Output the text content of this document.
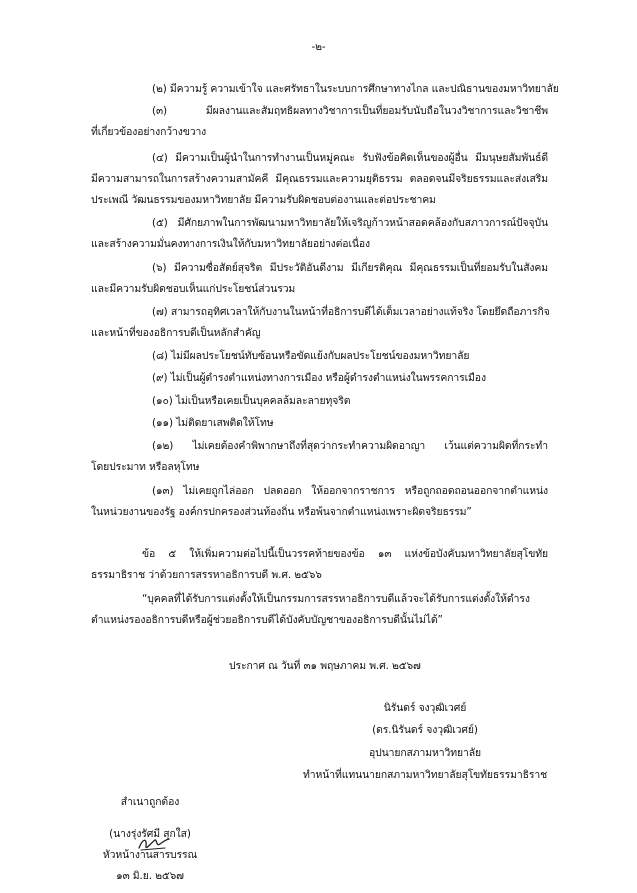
-๒-
(๒) มีความรู้ ความเข้าใจ และศรัทธาในระบบการศึกษาทางไกล และปณิธานของมหาวิทยาลัย
(๓)	มีผลงานและสัมฤทธิผลทางวิชาการเป็นที่ยอมรับนับถือในวงวิชาการและวิชาชีพ
ที่เกี่ยวข้องอย่างกว้างขวาง
(๔) มีความเป็นผู้นำในการทำงานเป็นหมู่คณะ รับฟังข้อคิดเห็นของผู้อื่น มีมนุษยสัมพันธ์ดี
มีความสามารถในการสร้างความสามัคคี มีคุณธรรมและความยุติธรรม ตลอดจนมีจริยธรรมและส่งเสริม
ประเพณี วัฒนธรรมของมหาวิทยาลัย มีความรับผิดชอบต่องานและต่อประชาคม
(๕) มีศักยภาพในการพัฒนามหาวิทยาลัยให้เจริญก้าวหน้าสอดคล้องกับสภาวการณ์ปัจจุบัน
และสร้างความมั่นคงทางการเงินให้กับมหาวิทยาลัยอย่างต่อเนื่อง
(๖) มีความซื่อสัตย์สุจริต มีประวัติอันดีงาม มีเกียรติคุณ มีคุณธรรมเป็นที่ยอมรับในสังคม
และมีความรับผิดชอบเห็นแก่ประโยชน์ส่วนรวม
(๗) สามารถอุทิศเวลาให้กับงานในหน้าที่อธิการบดีได้เต็มเวลาอย่างแท้จริง โดยยึดถือภารกิจ
และหน้าที่ของอธิการบดีเป็นหลักสำคัญ
(๘) ไม่มีผลประโยชน์ทับซ้อนหรือขัดแย้งกับผลประโยชน์ของมหาวิทยาลัย
(๙) ไม่เป็นผู้ดำรงตำแหน่งทางการเมือง หรือผู้ดำรงตำแหน่งในพรรคการเมือง
(๑๐) ไม่เป็นหรือเคยเป็นบุคคลล้มละลายทุจริต
(๑๑) ไม่ติดยาเสพติดให้โทษ
(๑๒) ไม่เคยต้องคำพิพากษาถึงที่สุดว่ากระทำความผิดอาญา เว้นแต่ความผิดที่กระทำ
โดยประมาท หรือลหุโทษ
(๑๓) ไม่เคยถูกไล่ออก ปลดออก ให้ออกจากราชการ หรือถูกถอดถอนออกจากตำแหน่ง
ในหน่วยงานของรัฐ องค์กรปกครองส่วนท้องถิ่น หรือพ้นจากตำแหน่งเพราะผิดจริยธรรม”
ข้อ ๕ ให้เพิ่มความต่อไปนี้เป็นวรรคท้ายของข้อ ๑๓ แห่งข้อบังคับมหาวิทยาลัยสุโขทัย
ธรรมาธิราช ว่าด้วยการสรรหาอธิการบดี พ.ศ. ๒๕๖๖
“บุคคลที่ได้รับการแต่งตั้งให้เป็นกรรมการสรรหาอธิการบดีแล้วจะได้รับการแต่งตั้งให้ดำรง
ตำแหน่งรองอธิการบดีหรือผู้ช่วยอธิการบดีได้บังคับบัญชาของอธิการบดีนั้นไม่ได้”
ประกาศ ณ วันที่ ๓๑ พฤษภาคม พ.ศ. ๒๕๖๗
นิรันดร์ จงวุฒิเวศย์
(ดร.นิรันดร์ จงวุฒิเวศย์)
อุปนายกสภามหาวิทยาลัย
ทำหน้าที่แทนนายกสภามหาวิทยาลัยสุโขทัยธรรมาธิราช
สำเนาถูกต้อง
(นางรุ่งรัศมี สุกใส)
หัวหน้างานสารบรรณ
๑๓ มิ.ย. ๒๕๖๗
